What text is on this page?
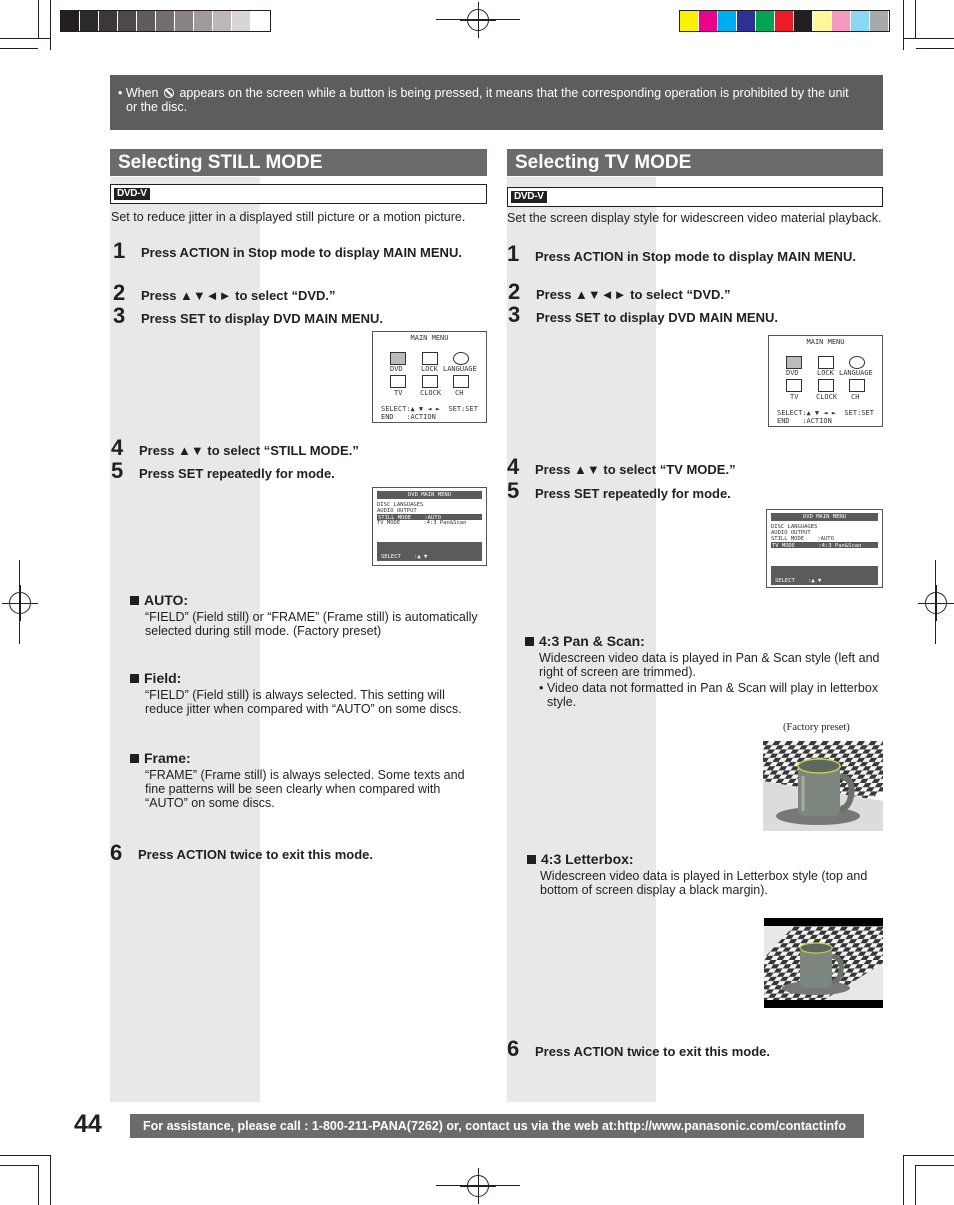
• When appears on the screen while a button is being pressed, it means that the corresponding operation is prohibited by the unit
or the disc.
Selecting STILL MODE
DVD-V
Set to reduce jitter in a displayed still picture or a motion picture.
1 Press ACTION in Stop mode to display MAIN MENU.
2 Press ▲▼◄► to select “DVD.”
3 Press SET to display DVD MAIN MENU.
MAIN MENU
DVD	LOCK LANGUAGE
TV	CLOCK CH
SELECT:▲ ▼ ◄ ►  SET:SET
END   :ACTION
4 Press ▲▼ to select “STILL MODE.”
5 Press SET repeatedly for mode.
DVD MAIN MENU
DISC LANGUAGES
AUDIO OUTPUT
STILL MODE    :AUTO
TV MODE       :4:3 Pan&Scan

SELECT    :▲ ▼

SET       :SET

END       :ACTION

AUTO:
“FIELD” (Field still) or “FRAME” (Frame still) is automatically selected during still mode. (Factory preset)
Field:
“FIELD” (Field still) is always selected. This setting will reduce jitter when compared with “AUTO” on some discs.
Frame:
“FRAME” (Frame still) is always selected. Some texts and fine patterns will be seen clearly when compared with “AUTO” on some discs.
6 Press ACTION twice to exit this mode.
Selecting TV MODE
DVD-V
Set the screen display style for widescreen video material playback.
1 Press ACTION in Stop mode to display MAIN MENU.
2 Press ▲▼◄► to select “DVD.”
3 Press SET to display DVD MAIN MENU.
MAIN MENU
DVD	LOCK LANGUAGE
TV	CLOCK CH
SELECT:▲ ▼ ◄ ►  SET:SET
END   :ACTION
4 Press ▲▼ to select “TV MODE.”
5 Press SET repeatedly for mode.
DVD MAIN MENU
DISC LANGUAGES
AUDIO OUTPUT
STILL MODE    :AUTO
TV MODE       :4:3 Pan&Scan

SELECT    :▲ ▼

SET       :SET

END       :ACTION

4:3 Pan & Scan:
Widescreen video data is played in Pan & Scan style (left and right of screen are trimmed).
• Video data not formatted in Pan & Scan will play in letterbox style.
(Factory preset)
4:3 Letterbox:
Widescreen video data is played in Letterbox style (top and bottom of screen display a black margin).
6 Press ACTION twice to exit this mode.
44	For assistance, please call : 1-800-211-PANA(7262) or, contact us via the web at:http://www.panasonic.com/contactinfo
